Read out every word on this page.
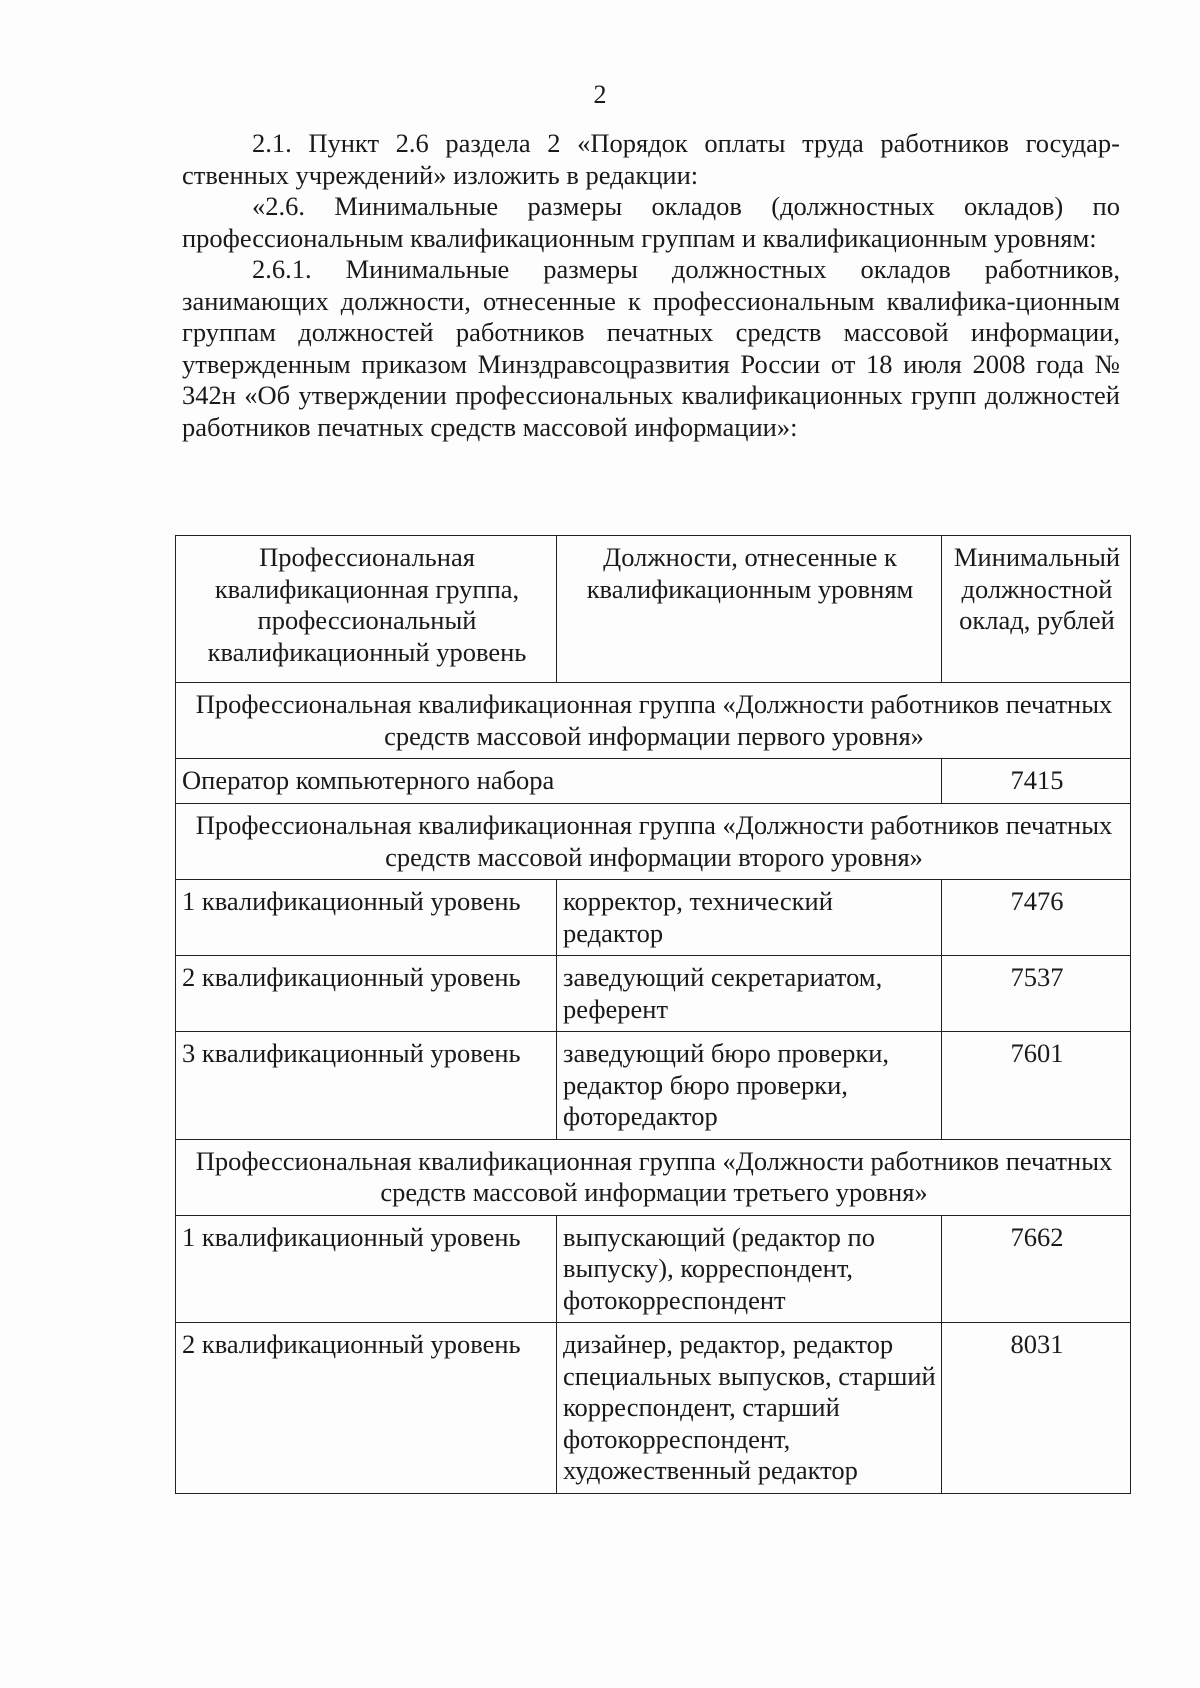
2

2.1. Пункт 2.6 раздела 2 «Порядок оплаты труда работников государ-ственных учреждений» изложить в редакции:

«2.6. Минимальные размеры окладов (должностных окладов) по профессиональным квалификационным группам и квалификационным уровням:

2.6.1. Минимальные размеры должностных окладов работников, занимающих должности, отнесенные к профессиональным квалифика-ционным группам должностей работников печатных средств массовой информации, утвержденным приказом Минздравсоцразвития России от 18 июля 2008 года № 342н «Об утверждении профессиональных квалификационных групп должностей работников печатных средств массовой информации»:

Профессиональная квалификационная группа, профессиональный квалификационный уровень	Должности, отнесенные к квалификационным уровням	Минимальный должностной оклад, рублей
Профессиональная квалификационная группа «Должности работников печатных средств массовой информации первого уровня»		
Оператор компьютерного набора		7415
Профессиональная квалификационная группа «Должности работников печатных средств массовой информации второго уровня»		
1 квалификационный уровень	корректор, технический редактор	7476
2 квалификационный уровень	заведующий секретариатом, референт	7537
3 квалификационный уровень	заведующий бюро проверки, редактор бюро проверки, фоторедактор	7601
Профессиональная квалификационная группа «Должности работников печатных средств массовой информации третьего уровня»		
1 квалификационный уровень	выпускающий (редактор по выпуску), корреспондент, фотокорреспондент	7662
2 квалификационный уровень	дизайнер, редактор, редактор специальных выпусков, старший корреспондент, старший фотокорреспондент, художественный редактор	8031
